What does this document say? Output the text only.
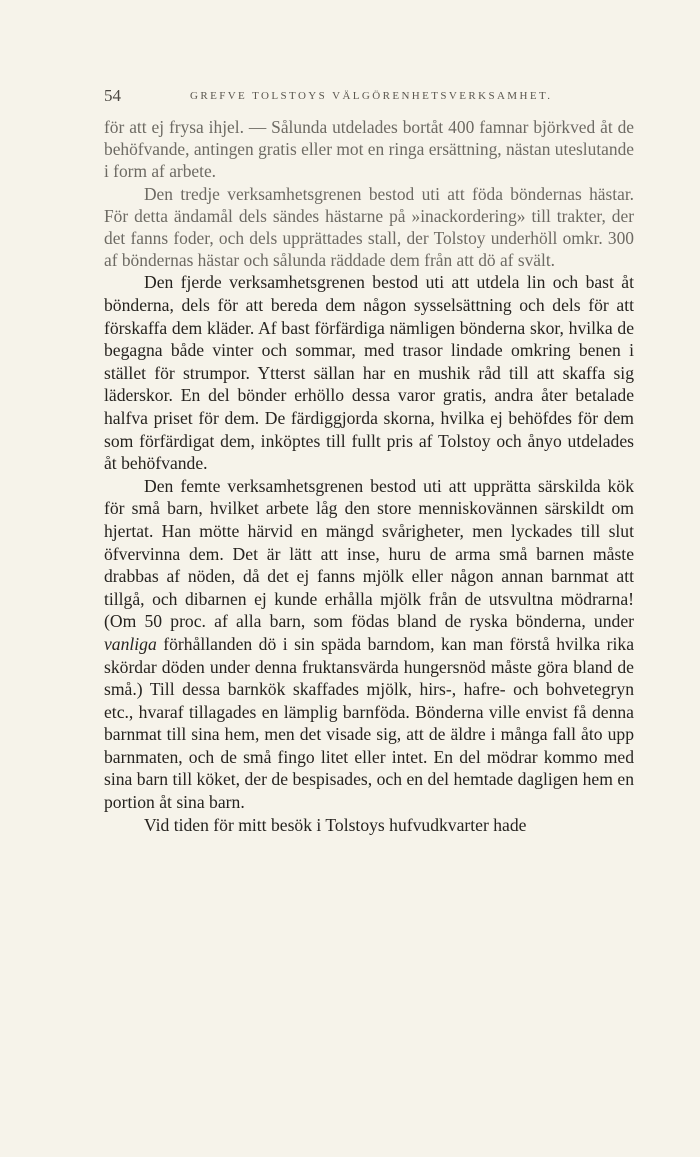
54	GREFVE TOLSTOYS VÄLGÖRENHETSVERKSAMHET.

för att ej frysa ihjel. — Sålunda utdelades bortåt 400 famnar björkved åt de behöfvande, antingen gratis eller mot en ringa ersättning, nästan uteslutande i form af arbete.

Den tredje verksamhetsgrenen bestod uti att föda böndernas hästar. För detta ändamål dels sändes hästarne på »inackordering» till trakter, der det fanns foder, och dels upprättades stall, der Tolstoy underhöll omkr. 300 af böndernas hästar och sålunda räddade dem från att dö af svält.

Den fjerde verksamhetsgrenen bestod uti att utdela lin och bast åt bönderna, dels för att bereda dem någon sysselsättning och dels för att förskaffa dem kläder. Af bast förfärdiga nämligen bönderna skor, hvilka de begagna både vinter och sommar, med trasor lindade omkring benen i stället för strumpor. Ytterst sällan har en mushik råd till att skaffa sig läderskor. En del bönder erhöllo dessa varor gratis, andra åter betalade halfva priset för dem. De färdiggjorda skorna, hvilka ej behöfdes för dem som förfärdigat dem, inköptes till fullt pris af Tolstoy och ånyo utdelades åt behöfvande.

Den femte verksamhetsgrenen bestod uti att upprätta särskilda kök för små barn, hvilket arbete låg den store menniskovännen särskildt om hjertat. Han mötte härvid en mängd svårigheter, men lyckades till slut öfvervinna dem. Det är lätt att inse, huru de arma små barnen måste drabbas af nöden, då det ej fanns mjölk eller någon annan barnmat att tillgå, och dibarnen ej kunde erhålla mjölk från de utsvultna mödrarna! (Om 50 proc. af alla barn, som födas bland de ryska bönderna, under vanliga förhållanden dö i sin späda barndom, kan man förstå hvilka rika skördar döden under denna fruktansvärda hungersnöd måste göra bland de små.) Till dessa barnkök skaffades mjölk, hirs-, hafre- och bohvetegryn etc., hvaraf tillagades en lämplig barnföda. Bönderna ville envist få denna barnmat till sina hem, men det visade sig, att de äldre i många fall åto upp barnmaten, och de små fingo litet eller intet. En del mödrar kommo med sina barn till köket, der de bespisades, och en del hemtade dagligen hem en portion åt sina barn.

Vid tiden för mitt besök i Tolstoys hufvudkvarter hade
